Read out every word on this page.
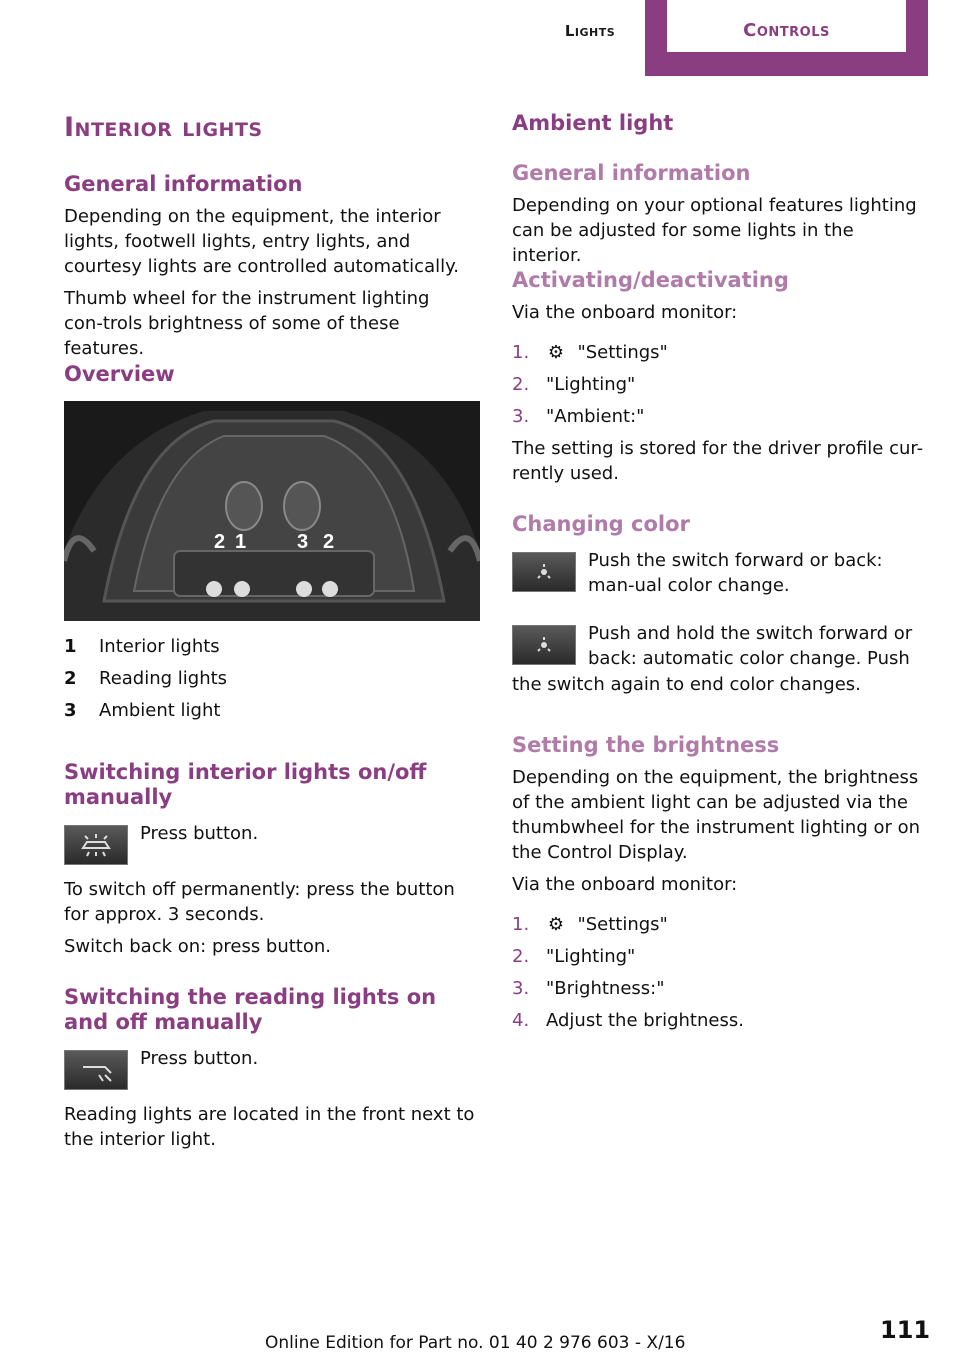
Lights	Controls
Interior lights
General information
Depending on the equipment, the interior lights, footwell lights, entry lights, and courtesy lights are controlled automatically.
Thumb wheel for the instrument lighting con-trols brightness of some of these features.
Overview
2 1	3 2
1 Interior lights
2 Reading lights
3 Ambient light
Switching interior lights on/off manually
Press button.
To switch off permanently: press the button for approx. 3 seconds.
Switch back on: press button.
Switching the reading lights on and off manually
Press button.
Reading lights are located in the front next to the interior light.
Ambient light
General information
Depending on your optional features lighting can be adjusted for some lights in the interior.
Activating/deactivating
Via the onboard monitor:
1. ⚙ "Settings"
2. "Lighting"
3. "Ambient:"
The setting is stored for the driver profile cur-rently used.
Changing color
Push the switch forward or back: man-ual color change.
Push and hold the switch forward or
back: automatic color change. Push
the switch again to end color changes.
Setting the brightness
Depending on the equipment, the brightness of the ambient light can be adjusted via the thumbwheel for the instrument lighting or on the Control Display.
Via the onboard monitor:
1. ⚙ "Settings"
2. "Lighting"
3. "Brightness:"
4. Adjust the brightness.
111
Online Edition for Part no. 01 40 2 976 603 - X/16
